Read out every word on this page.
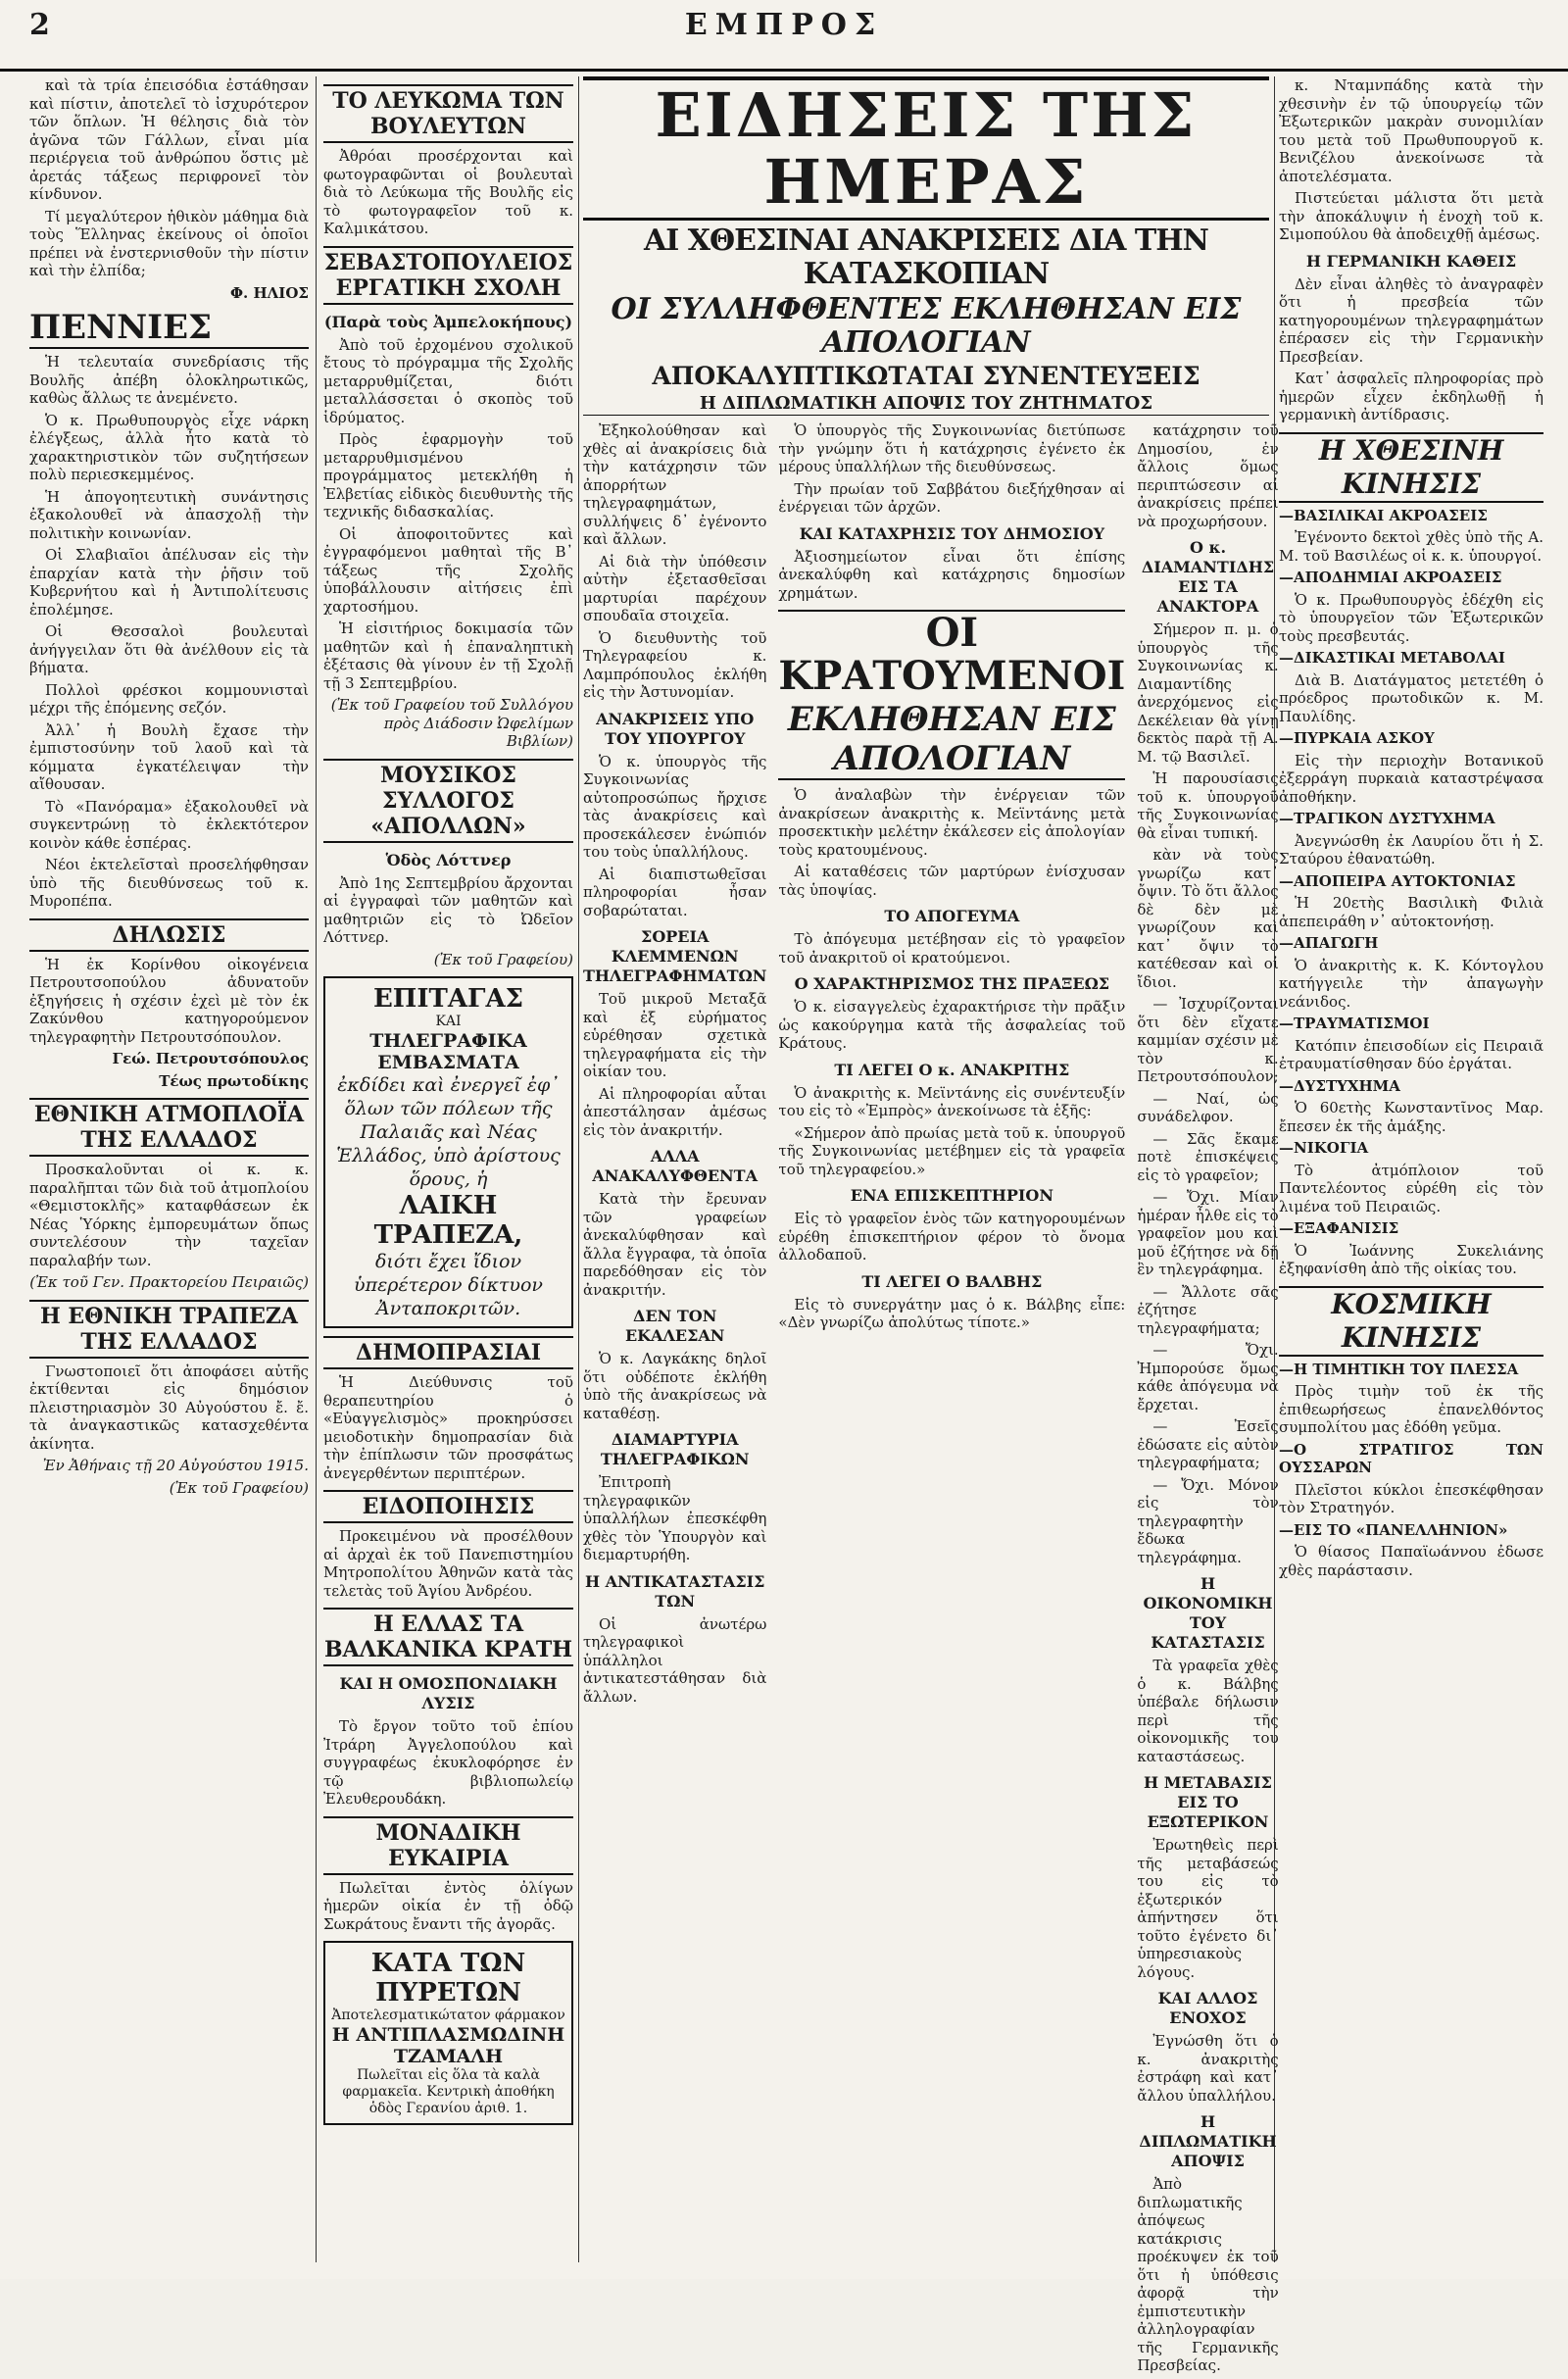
2	ΕΜΠΡΟΣ

καὶ τὰ τρία ἐπεισόδια ἐστάθησαν καὶ πίστιν, ἀποτελεῖ τὸ ἰσχυρότερον τῶν ὅπλων. Ἡ θέλησις διὰ τὸν ἀγῶνα τῶν Γάλλων, εἶναι μία περιέργεια τοῦ ἀνθρώπου ὅστις μὲ ἀρετάς τάξεως περιφρονεῖ τὸν κίνδυνον.

Τί μεγαλύτερον ἠθικὸν μάθημα διὰ τοὺς Ἕλληνας ἐκείνους οἱ ὁποῖοι πρέπει νὰ ἐνστερνισθοῦν τὴν πίστιν καὶ τὴν ἐλπίδα;

Φ. ΗΛΙΟΣ

ΠΕΝΝΙΕΣ

Ἡ τελευταία συνεδρίασις τῆς Βουλῆς ἀπέβη ὁλοκληρωτικῶς, καθὼς ἄλλως τε ἀνεμένετο.

Ὁ κ. Πρωθυπουργὸς εἶχε νάρκη ἐλέγξεως, ἀλλὰ ἦτο κατὰ τὸ χαρακτηριστικὸν τῶν συζητήσεων πολὺ περιεσκεμμένος.

Ἡ ἀπογοητευτικὴ συνάντησις ἐξακολουθεῖ νὰ ἀπασχολῇ τὴν πολιτικὴν κοινωνίαν.

Οἱ Σλαβιαῖοι ἀπέλυσαν εἰς τὴν ἐπαρχίαν κατὰ τὴν ῥῆσιν τοῦ Κυβερνήτου καὶ ἡ Ἀντιπολίτευσις ἐπολέμησε.

Οἱ Θεσσαλοὶ βουλευταὶ ἀνήγγειλαν ὅτι θὰ ἀνέλθουν εἰς τὰ βήματα.

Πολλοὶ φρέσκοι κομμουνισταὶ μέχρι τῆς ἐπόμενης σεζόν.

Ἀλλ᾽ ἡ Βουλὴ ἔχασε τὴν ἐμπιστοσύνην τοῦ λαοῦ καὶ τὰ κόμματα ἐγκατέλειψαν τὴν αἴθουσαν.

Τὸ «Πανόραμα» ἐξακολουθεῖ νὰ συγκεντρώνῃ τὸ ἐκλεκτότερον κοινὸν κάθε ἑσπέρας.

Νέοι ἐκτελεῖσταὶ προσελήφθησαν ὑπὸ τῆς διευθύνσεως τοῦ κ. Μυροπέπα.

ΔΗΛΩΣΙΣ

Ἡ ἐκ Κορίνθου οἰκογένεια Πετρουτσοπούλου ἀδυνατοῦν ἐξηγήσεις ἡ σχέσιν ἐχεὶ μὲ τὸν ἐκ Ζακύνθου κατηγορούμενον τηλεγραφητὴν Πετρουτσόπουλον.

Γεώ. Πετρουτσόπουλος

Τέως πρωτοδίκης

ΕΘΝΙΚΗ ΑΤΜΟΠΛΟΪΑ ΤΗΣ ΕΛΛΑΔΟΣ

Προσκαλοῦνται οἱ κ. κ. παραλῆπται τῶν διὰ τοῦ ἀτμοπλοίου «Θεμιστοκλῆς» καταφθάσεων ἐκ Νέας Ὑόρκης ἐμπορευμάτων ὅπως συντελέσουν τὴν ταχεῖαν παραλαβήν των.

(Ἐκ τοῦ Γεν. Πρακτορείου Πειραιῶς)

Η ΕΘΝΙΚΗ ΤΡΑΠΕΖΑ ΤΗΣ ΕΛΛΑΔΟΣ

Γνωστοποιεῖ ὅτι ἀποφάσει αὐτῆς ἐκτίθενται εἰς δημόσιον πλειστηριασμὸν 30 Αὐγούστου ἔ. ἔ. τὰ ἀναγκαστικῶς κατασχεθέντα ἀκίνητα.

Ἐν Ἀθήναις τῇ 20 Αὐγούστου 1915.

(Ἐκ τοῦ Γραφείου)

ΤΟ ΛΕΥΚΩΜΑ ΤΩΝ ΒΟΥΛΕΥΤΩΝ

Ἀθρόαι προσέρχονται καὶ φωτογραφῶνται οἱ βουλευταὶ διὰ τὸ Λεύκωμα τῆς Βουλῆς εἰς τὸ φωτογραφεῖον τοῦ κ. Καλμικάτσου.

ΣΕΒΑΣΤΟΠΟΥΛΕΙΟΣ ΕΡΓΑΤΙΚΗ ΣΧΟΛΗ
(Παρὰ τοὺς Ἀμπελοκήπους)

Ἀπὸ τοῦ ἐρχομένου σχολικοῦ ἔτους τὸ πρόγραμμα τῆς Σχολῆς μεταρρυθμίζεται, διότι μεταλλάσσεται ὁ σκοπὸς τοῦ ἱδρύματος.

Πρὸς ἐφαρμογὴν τοῦ μεταρρυθμισμένου προγράμματος μετεκλήθη ἡ Ἐλβετίας εἰδικὸς διευθυντὴς τῆς τεχνικῆς διδασκαλίας.

Οἱ ἀποφοιτοῦντες καὶ ἐγγραφόμενοι μαθηταὶ τῆς Β᾽ τάξεως τῆς Σχολῆς ὑποβάλλουσιν αἰτήσεις ἐπὶ χαρτοσήμου.

Ἡ εἰσιτήριος δοκιμασία τῶν μαθητῶν καὶ ἡ ἐπαναληπτικὴ ἐξέτασις θὰ γίνουν ἐν τῇ Σχολῇ τῇ 3 Σεπτεμβρίου.

(Ἐκ τοῦ Γραφείου τοῦ Συλλόγου πρὸς Διάδοσιν Ὠφελίμων Βιβλίων)

ΜΟΥΣΙΚΟΣ ΣΥΛΛΟΓΟΣ «ΑΠΟΛΛΩΝ»
Ὁδὸς Λόττνερ

Ἀπὸ 1ης Σεπτεμβρίου ἄρχονται αἱ ἐγγραφαὶ τῶν μαθητῶν καὶ μαθητριῶν εἰς τὸ Ὠδεῖον Λόττνερ.

(Ἐκ τοῦ Γραφείου)

ΕΠΙΤΑΓΑΣ
ΚΑΙ
ΤΗΛΕΓΡΑΦΙΚΑ ΕΜΒΑΣΜΑΤΑ
ἐκδίδει καὶ ἐνεργεῖ ἐφ᾽ ὅλων τῶν πόλεων τῆς Παλαιᾶς καὶ Νέας Ἑλλάδος, ὑπὸ ἀρίστους ὅρους, ἡ
ΛΑΙΚΗ ΤΡΑΠΕΖΑ,
διότι ἔχει ἴδιον ὑπερέτερον δίκτυον Ἀνταποκριτῶν.
ΔΗΜΟΠΡΑΣΙΑΙ

Ἡ Διεύθυνσις τοῦ θεραπευτηρίου ὁ «Εὐαγγελισμὸς» προκηρύσσει μειοδοτικὴν δημοπρασίαν διὰ τὴν ἐπίπλωσιν τῶν προσφάτως ἀνεγερθέντων περιπτέρων.

ΕΙΔΟΠΟΙΗΣΙΣ

Προκειμένου νὰ προσέλθουν αἱ ἀρχαὶ ἐκ τοῦ Πανεπιστημίου Μητροπολίτου Ἀθηνῶν κατὰ τὰς τελετὰς τοῦ Ἁγίου Ἀνδρέου.

Η ΕΛΛΑΣ ΤΑ ΒΑΛΚΑΝΙΚΑ ΚΡΑΤΗ
ΚΑΙ Η ΟΜΟΣΠΟΝΔΙΑΚΗ ΛΥΣΙΣ

Τὸ ἔργον τοῦτο τοῦ ἐπίου Ἰτράρη Ἀγγελοπούλου καὶ συγγραφέως ἐκυκλοφόρησε ἐν τῷ βιβλιοπωλείῳ Ἐλευθερουδάκη.

ΜΟΝΑΔΙΚΗ ΕΥΚΑΙΡΙΑ

Πωλεῖται ἐντὸς ὀλίγων ἡμερῶν οἰκία ἐν τῇ ὁδῷ Σωκράτους ἔναντι τῆς ἀγορᾶς.

ΚΑΤΑ ΤΩΝ ΠΥΡΕΤΩΝ
Ἀποτελεσματικώτατον φάρμακον
Η ΑΝΤΙΠΛΑΣΜΩΔΙΝΗ ΤΖΑΜΑΛΗ
Πωλεῖται εἰς ὅλα τὰ καλὰ φαρμακεῖα. Κεντρικὴ ἀποθήκη ὁδὸς Γερανίου ἀριθ. 1.
ΕΙΔΗΣΕΙΣ ΤΗΣ ΗΜΕΡΑΣ
ΑΙ ΧΘΕΣΙΝΑΙ ΑΝΑΚΡΙΣΕΙΣ ΔΙΑ ΤΗΝ ΚΑΤΑΣΚΟΠΙΑΝ
ΟΙ ΣΥΛΛΗΦΘΕΝΤΕΣ ΕΚΛΗΘΗΣΑΝ ΕΙΣ ΑΠΟΛΟΓΙΑΝ
ΑΠΟΚΑΛΥΠΤΙΚΩΤΑΤΑΙ ΣΥΝΕΝΤΕΥΞΕΙΣ
Η ΔΙΠΛΩΜΑΤΙΚΗ ΑΠΟΨΙΣ ΤΟΥ ΖΗΤΗΜΑΤΟΣ

Ἐξηκολούθησαν καὶ χθὲς αἱ ἀνακρίσεις διὰ τὴν κατάχρησιν τῶν ἀπορρήτων τηλεγραφημάτων, συλλήψεις δ᾽ ἐγένοντο καὶ ἄλλων.

Αἱ διὰ τὴν ὑπόθεσιν αὐτὴν ἐξετασθεῖσαι μαρτυρίαι παρέχουν σπουδαῖα στοιχεῖα.

Ὁ διευθυντὴς τοῦ Τηλεγραφείου κ. Λαμπρόπουλος ἐκλήθη εἰς τὴν Ἀστυνομίαν.

ΑΝΑΚΡΙΣΕΙΣ ΥΠΟ ΤΟΥ ΥΠΟΥΡΓΟΥ

Ὁ κ. ὑπουργὸς τῆς Συγκοινωνίας αὐτοπροσώπως ἤρχισε τὰς ἀνακρίσεις καὶ προσεκάλεσεν ἐνώπιόν του τοὺς ὑπαλλήλους.

Αἱ διαπιστωθεῖσαι πληροφορίαι ἦσαν σοβαρώταται.

ΣΟΡΕΙΑ ΚΛΕΜΜΕΝΩΝ ΤΗΛΕΓΡΑΦΗΜΑΤΩΝ

Τοῦ μικροῦ Μεταξᾶ καὶ ἐξ εὐρήματος εὑρέθησαν σχετικὰ τηλεγραφήματα εἰς τὴν οἰκίαν του.

Αἱ πληροφορίαι αὗται ἀπεστάλησαν ἀμέσως εἰς τὸν ἀνακριτήν.

ΑΛΛΑ ΑΝΑΚΑΛΥΦΘΕΝΤΑ

Κατὰ τὴν ἔρευναν τῶν γραφείων ἀνεκαλύφθησαν καὶ ἄλλα ἔγγραφα, τὰ ὁποῖα παρεδόθησαν εἰς τὸν ἀνακριτήν.

ΔΕΝ ΤΟΝ ΕΚΑΛΕΣΑΝ

Ὁ κ. Λαγκάκης δηλοῖ ὅτι οὐδέποτε ἐκλήθη ὑπὸ τῆς ἀνακρίσεως νὰ καταθέσῃ.

ΔΙΑΜΑΡΤΥΡΙΑ ΤΗΛΕΓΡΑΦΙΚΩΝ

Ἐπιτροπὴ τηλεγραφικῶν ὑπαλλήλων ἐπεσκέφθη χθὲς τὸν Ὑπουργὸν καὶ διεμαρτυρήθη.

Η ΑΝΤΙΚΑΤΑΣΤΑΣΙΣ ΤΩΝ

Οἱ ἀνωτέρω τηλεγραφικοὶ ὑπάλληλοι ἀντικατεστάθησαν διὰ ἄλλων.

Ὁ ὑπουργὸς τῆς Συγκοινωνίας διετύπωσε τὴν γνώμην ὅτι ἡ κατάχρησις ἐγένετο ἐκ μέρους ὑπαλλήλων τῆς διευθύνσεως.

Τὴν πρωίαν τοῦ Σαββάτου διεξήχθησαν αἱ ἐνέργειαι τῶν ἀρχῶν.

ΚΑΙ ΚΑΤΑΧΡΗΣΙΣ ΤΟΥ ΔΗΜΟΣΙΟΥ

Ἀξιοσημείωτον εἶναι ὅτι ἐπίσης ἀνεκαλύφθη καὶ κατάχρησις δημοσίων χρημάτων.

ΟΙ ΚΡΑΤΟΥΜΕΝΟΙ
ΕΚΛΗΘΗΣΑΝ ΕΙΣ ΑΠΟΛΟΓΙΑΝ

Ὁ ἀναλαβὼν τὴν ἐνέργειαν τῶν ἀνακρίσεων ἀνακριτὴς κ. Μεϊντάνης μετὰ προσεκτικὴν μελέτην ἐκάλεσεν εἰς ἀπολογίαν τοὺς κρατουμένους.

Αἱ καταθέσεις τῶν μαρτύρων ἐνίσχυσαν τὰς ὑποψίας.

ΤΟ ΑΠΟΓΕΥΜΑ

Τὸ ἀπόγευμα μετέβησαν εἰς τὸ γραφεῖον τοῦ ἀνακριτοῦ οἱ κρατούμενοι.

Ο ΧΑΡΑΚΤΗΡΙΣΜΟΣ ΤΗΣ ΠΡΑΞΕΩΣ

Ὁ κ. εἰσαγγελεὺς ἐχαρακτήρισε τὴν πρᾶξιν ὡς κακούργημα κατὰ τῆς ἀσφαλείας τοῦ Κράτους.

ΤΙ ΛΕΓΕΙ Ο κ. ΑΝΑΚΡΙΤΗΣ

Ὁ ἀνακριτὴς κ. Μεϊντάνης εἰς συνέντευξίν του εἰς τὸ «Ἐμπρὸς» ἀνεκοίνωσε τὰ ἑξῆς:

«Σήμερον ἀπὸ πρωίας μετὰ τοῦ κ. ὑπουργοῦ τῆς Συγκοινωνίας μετέβημεν εἰς τὰ γραφεῖα τοῦ τηλεγραφείου.»

ΕΝΑ ΕΠΙΣΚΕΠΤΗΡΙΟΝ

Εἰς τὸ γραφεῖον ἑνὸς τῶν κατηγορουμένων εὑρέθη ἐπισκεπτήριον φέρον τὸ ὄνομα ἀλλοδαποῦ.

ΤΙ ΛΕΓΕΙ Ο ΒΑΛΒΗΣ

Εἰς τὸ συνεργάτην μας ὁ κ. Βάλβης εἶπε: «Δὲν γνωρίζω ἀπολύτως τίποτε.»

κατάχρησιν τοῦ Δημοσίου, ἐν ἄλλοις ὅμως περιπτώσεσιν αἱ ἀνακρίσεις πρέπει νὰ προχωρήσουν.

Ο κ. ΔΙΑΜΑΝΤΙΔΗΣ ΕΙΣ ΤΑ ΑΝΑΚΤΟΡΑ

Σήμερον π. μ. ὁ ὑπουργὸς τῆς Συγκοινωνίας κ. Διαμαντίδης ἀνερχόμενος εἰς Δεκέλειαν θὰ γίνῃ δεκτὸς παρὰ τῇ Α. Μ. τῷ Βασιλεῖ.

Ἡ παρουσίασις τοῦ κ. ὑπουργοῦ τῆς Συγκοινωνίας θὰ εἶναι τυπική.

κὰν νὰ τοὺς γνωρίζω κατ᾽ ὄψιν. Τὸ ὅτι ἄλλος δὲ δὲν μὲ γνωρίζουν καὶ κατ᾽ ὄψιν τὸ κατέθεσαν καὶ οἱ ἴδιοι.

— Ἰσχυρίζονται ὅτι δὲν εἴχατε καμμίαν σχέσιν μὲ τὸν κ. Πετρουτσόπουλον;

— Ναί, ὡς συνάδελφον.

— Σᾶς ἔκαμε ποτὲ ἐπισκέψεις εἰς τὸ γραφεῖον;

— Ὄχι. Μίαν ἡμέραν ἦλθε εἰς τὸ γραφεῖον μου καὶ μοῦ ἐζήτησε νὰ δῇ ἓν τηλεγράφημα.

— Ἄλλοτε σᾶς ἐζήτησε τηλεγραφήματα;

— Ὄχι. Ἠμπορούσε ὅμως κάθε ἀπόγευμα νὰ ἔρχεται.

— Ἐσεῖς ἐδώσατε εἰς αὐτὸν τηλεγραφήματα;

— Ὄχι. Μόνον εἰς τὸν τηλεγραφητὴν ἔδωκα τηλεγράφημα.

Η ΟΙΚΟΝΟΜΙΚΗ ΤΟΥ ΚΑΤΑΣΤΑΣΙΣ

Τὰ γραφεῖα χθὲς ὁ κ. Βάλβης ὑπέβαλε δήλωσιν περὶ τῆς οἰκονομικῆς του καταστάσεως.

Η ΜΕΤΑΒΑΣΙΣ ΕΙΣ ΤΟ ΕΞΩΤΕΡΙΚΟΝ

Ἐρωτηθεὶς περὶ τῆς μεταβάσεώς του εἰς τὸ ἐξωτερικόν ἀπήντησεν ὅτι τοῦτο ἐγένετο δι᾽ ὑπηρεσιακοὺς λόγους.

ΚΑΙ ΑΛΛΟΣ ΕΝΟΧΟΣ

Ἐγνώσθη ὅτι ὁ κ. ἀνακριτὴς ἐστράφη καὶ κατ᾽ ἄλλου ὑπαλλήλου.

Η ΔΙΠΛΩΜΑΤΙΚΗ ΑΠΟΨΙΣ

Ἀπὸ διπλωματικῆς ἀπόψεως κατάκρισις προέκυψεν ἐκ τοῦ ὅτι ἡ ὑπόθεσις ἀφορᾷ τὴν ἐμπιστευτικὴν ἀλληλογραφίαν τῆς Γερμανικῆς Πρεσβείας.

κ. Νταμνπάδης κατὰ τὴν χθεσινὴν ἐν τῷ ὑπουργείῳ τῶν Ἐξωτερικῶν μακρὰν συνομιλίαν του μετὰ τοῦ Πρωθυπουργοῦ κ. Βενιζέλου ἀνεκοίνωσε τὰ ἀποτελέσματα.

Πιστεύεται μάλιστα ὅτι μετὰ τὴν ἀποκάλυψιν ἡ ἐνοχὴ τοῦ κ. Σιμοπούλου θὰ ἀποδειχθῇ ἀμέσως.

Η ΓΕΡΜΑΝΙΚΗ ΚΑΘΕΙΣ

Δὲν εἶναι ἀληθὲς τὸ ἀναγραφὲν ὅτι ἡ πρεσβεία τῶν κατηγορουμένων τηλεγραφημάτων ἐπέρασεν εἰς τὴν Γερμανικὴν Πρεσβείαν.

Κατ᾽ ἀσφαλεῖς πληροφορίας πρὸ ἡμερῶν εἶχεν ἐκδηλωθῇ ἡ γερμανικὴ ἀντίδρασις.

Η ΧΘΕΣΙΝΗ ΚΙΝΗΣΙΣ

—ΒΑΣΙΛΙΚΑΙ ΑΚΡΟΑΣΕΙΣ

Ἐγένοντο δεκτοὶ χθὲς ὑπὸ τῆς Α. Μ. τοῦ Βασιλέως οἱ κ. κ. ὑπουργοί.

—ΑΠΟΔΗΜΙΑΙ ΑΚΡΟΑΣΕΙΣ

Ὁ κ. Πρωθυπουργὸς ἐδέχθη εἰς τὸ ὑπουργεῖον τῶν Ἐξωτερικῶν τοὺς πρεσβευτάς.

—ΔΙΚΑΣΤΙΚΑΙ ΜΕΤΑΒΟΛΑΙ

Διὰ Β. Διατάγματος μετετέθη ὁ πρόεδρος πρωτοδικῶν κ. Μ. Παυλίδης.

—ΠΥΡΚΑΙΑ ΑΣΚΟΥ

Εἰς τὴν περιοχὴν Βοτανικοῦ ἐξερράγη πυρκαιὰ καταστρέψασα ἀποθήκην.

—ΤΡΑΓΙΚΟΝ ΔΥΣΤΥΧΗΜΑ

Ἀνεγνώσθη ἐκ Λαυρίου ὅτι ἡ Σ. Σταύρου ἐθανατώθη.

—ΑΠΟΠΕΙΡΑ ΑΥΤΟΚΤΟΝΙΑΣ

Ἡ 20ετὴς Βασιλικὴ Φιλιὰ ἀπεπειράθη ν᾽ αὐτοκτονήσῃ.

—ΑΠΑΓΩΓΗ

Ὁ ἀνακριτὴς κ. Κ. Κόντογλου κατήγγειλε τὴν ἀπαγωγὴν νεάνιδος.

—ΤΡΑΥΜΑΤΙΣΜΟΙ

Κατόπιν ἐπεισοδίων εἰς Πειραιᾶ ἐτραυματίσθησαν δύο ἐργάται.

—ΔΥΣΤΥΧΗΜΑ

Ὁ 60ετὴς Κωνσταντῖνος Μαρ. ἔπεσεν ἐκ τῆς ἁμάξης.

—ΝΙΚΟΓΙΑ

Τὸ ἀτμόπλοιον τοῦ Παντελέοντος εὑρέθη εἰς τὸν λιμένα τοῦ Πειραιῶς.

—ΕΞΑΦΑΝΙΣΙΣ

Ὁ Ἰωάννης Συκελιάνης ἐξηφανίσθη ἀπὸ τῆς οἰκίας του.

ΚΟΣΜΙΚΗ ΚΙΝΗΣΙΣ

—Η ΤΙΜΗΤΙΚΗ ΤΟΥ ΠΛΕΣΣΑ

Πρὸς τιμὴν τοῦ ἐκ τῆς ἐπιθεωρήσεως ἐπανελθόντος συμπολίτου μας ἐδόθη γεῦμα.

—Ο ΣΤΡΑΤΙΓΟΣ ΤΩΝ ΟΥΣΣΑΡΩΝ

Πλεῖστοι κύκλοι ἐπεσκέφθησαν τὸν Στρατηγόν.

—ΕΙΣ ΤΟ «ΠΑΝΕΛΛΗΝΙΟΝ»

Ὁ θίασος Παπαϊωάννου ἐδωσε χθὲς παράστασιν.
